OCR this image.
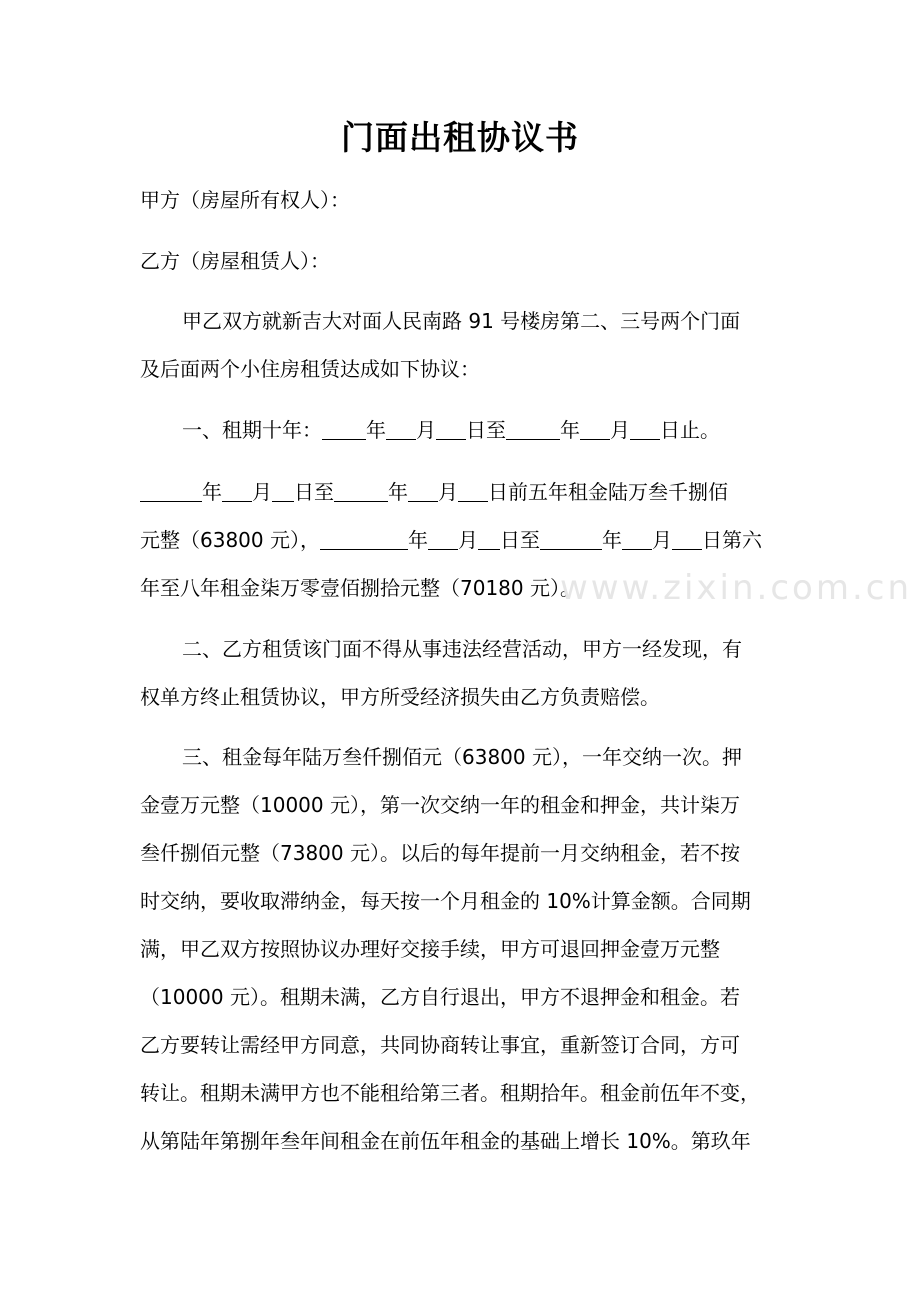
门面出租协议书
甲方（房屋所有权人）：
乙方（房屋租赁人）：
甲乙双方就新吉大对面人民南路 91 号楼房第二、三号两个门面
及后面两个小住房租赁达成如下协议：
一、租期十年： 年 月 日至	年 月 日止。
年 月 日至	年 月 日前五年租金陆万叁千捌佰
元整（63800 元），	年 月 日至	年 月 日第六
年至八年租金柒万零壹佰捌拾元整（70180 元）。
www.zixin.com.cn
二、乙方租赁该门面不得从事违法经营活动，甲方一经发现，有
权单方终止租赁协议，甲方所受经济损失由乙方负责赔偿。
三、租金每年陆万叁仟捌佰元（63800 元），一年交纳一次。押
金壹万元整（10000 元），第一次交纳一年的租金和押金，共计柒万
叁仟捌佰元整（73800 元）。以后的每年提前一月交纳租金，若不按
时交纳，要收取滞纳金，每天按一个月租金的 10%计算金额。合同期
满，甲乙双方按照协议办理好交接手续，甲方可退回押金壹万元整
（10000 元）。租期未满，乙方自行退出，甲方不退押金和租金。若
乙方要转让需经甲方同意，共同协商转让事宜，重新签订合同，方可
转让。租期未满甲方也不能租给第三者。租期拾年。租金前伍年不变，
从第陆年第捌年叁年间租金在前伍年租金的基础上增长 10%。第玖年
